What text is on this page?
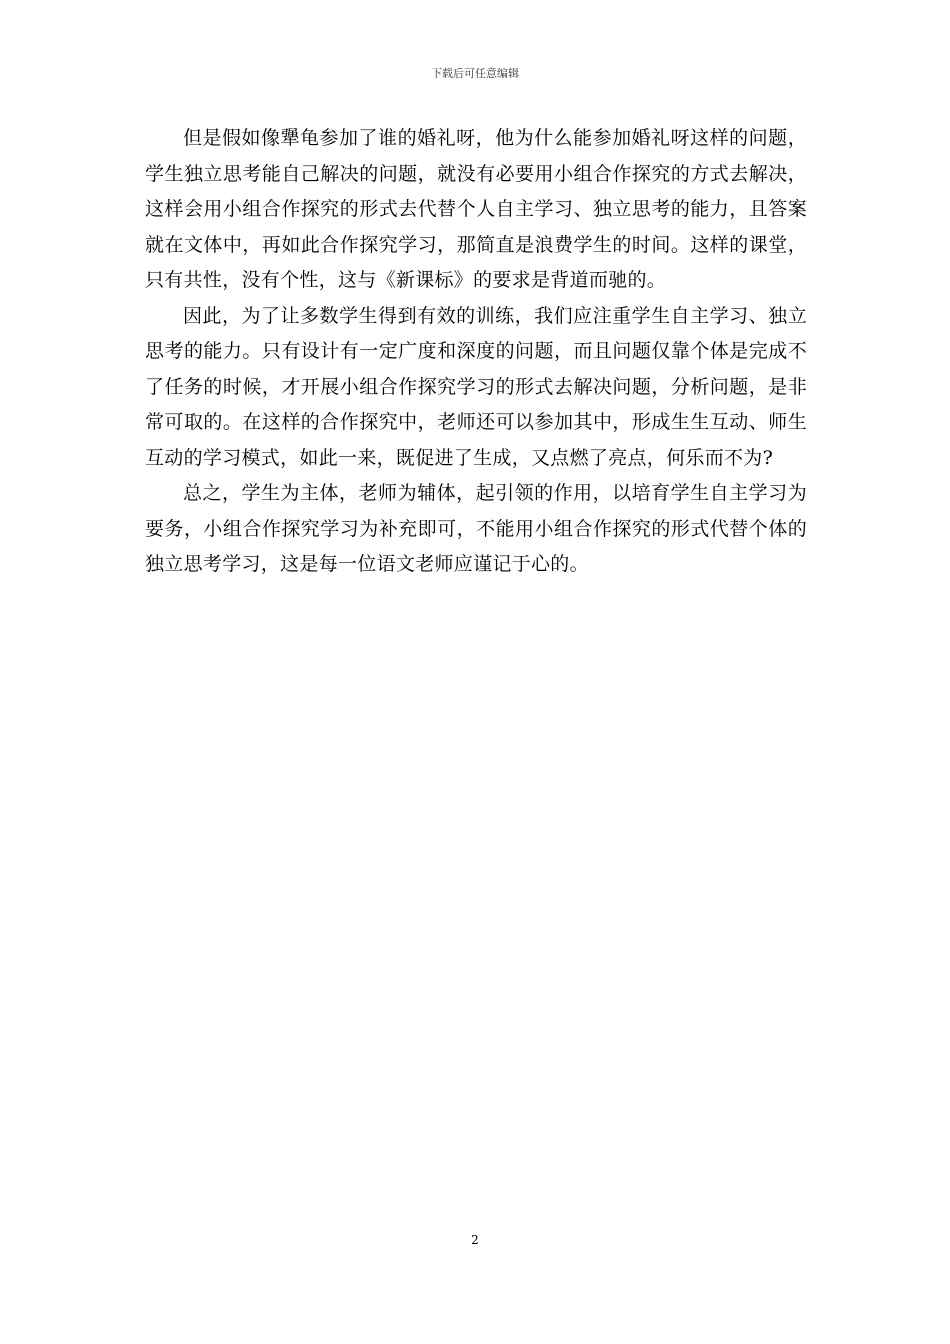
下载后可任意编辑

但是假如像犟龟参加了谁的婚礼呀，他为什么能参加婚礼呀这样的问题，学生独立思考能自己解决的问题，就没有必要用小组合作探究的方式去解决，这样会用小组合作探究的形式去代替个人自主学习、独立思考的能力，且答案就在文体中，再如此合作探究学习，那简直是浪费学生的时间。这样的课堂，只有共性，没有个性，这与《新课标》的要求是背道而驰的。

因此，为了让多数学生得到有效的训练，我们应注重学生自主学习、独立思考的能力。只有设计有一定广度和深度的问题，而且问题仅靠个体是完成不了任务的时候，才开展小组合作探究学习的形式去解决问题，分析问题，是非常可取的。在这样的合作探究中，老师还可以参加其中，形成生生互动、师生互动的学习模式，如此一来，既促进了生成，又点燃了亮点，何乐而不为?

总之，学生为主体，老师为辅体，起引领的作用，以培育学生自主学习为要务，小组合作探究学习为补充即可，不能用小组合作探究的形式代替个体的独立思考学习，这是每一位语文老师应谨记于心的。

2
